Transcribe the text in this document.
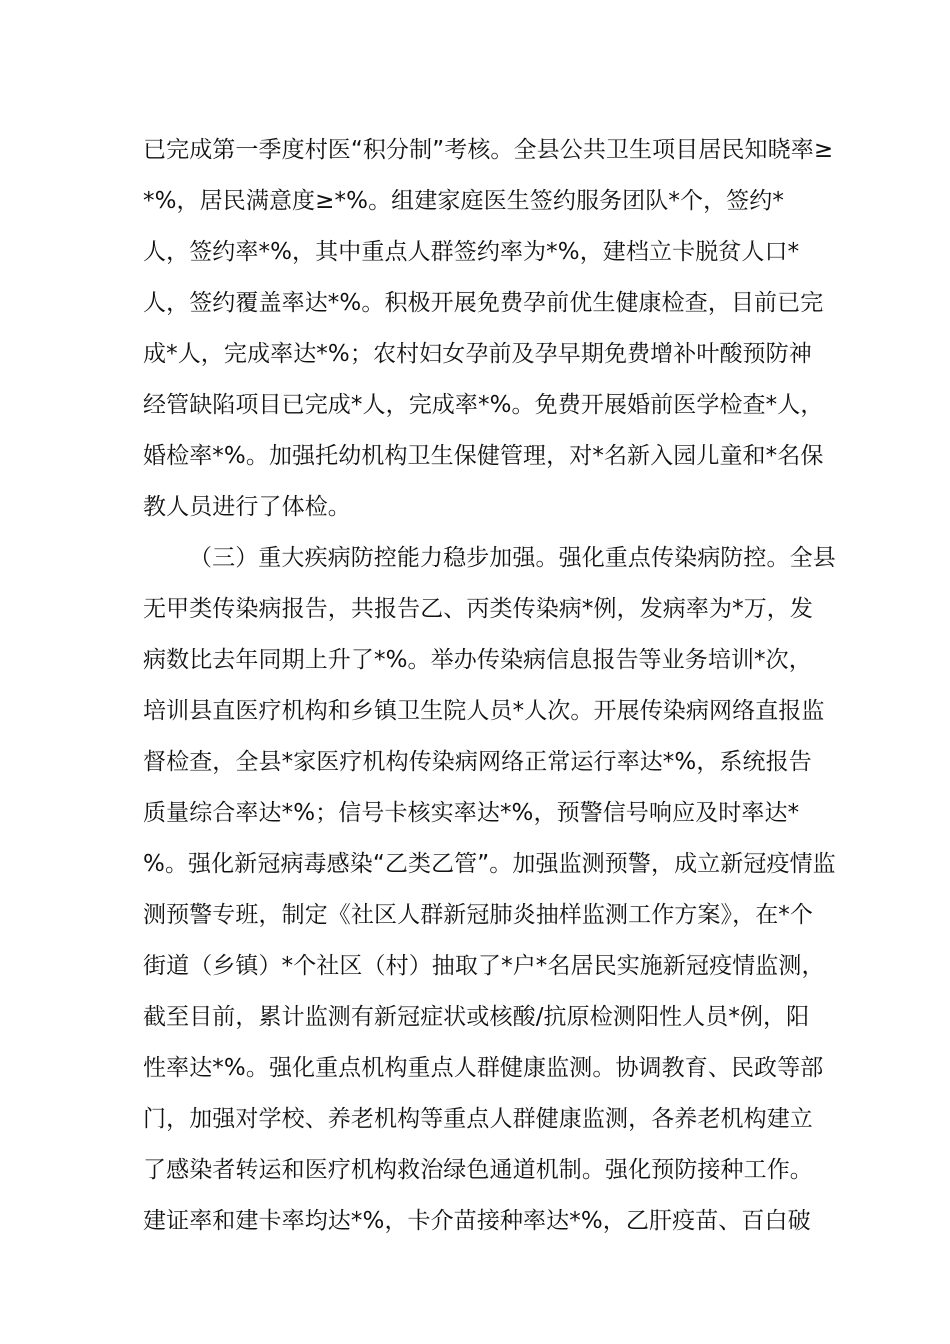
已完成第一季度村医“积分制”考核。全县公共卫生项目居民知晓率≥
*%，居民满意度≥*%。组建家庭医生签约服务团队*个，签约*
人，签约率*%，其中重点人群签约率为*%，建档立卡脱贫人口*
人，签约覆盖率达*%。积极开展免费孕前优生健康检查，目前已完
成*人，完成率达*%；农村妇女孕前及孕早期免费增补叶酸预防神
经管缺陷项目已完成*人，完成率*%。免费开展婚前医学检查*人，
婚检率*%。加强托幼机构卫生保健管理，对*名新入园儿童和*名保
教人员进行了体检。
（三）重大疾病防控能力稳步加强。强化重点传染病防控。全县
无甲类传染病报告，共报告乙、丙类传染病*例，发病率为*万，发
病数比去年同期上升了*%。举办传染病信息报告等业务培训*次，
培训县直医疗机构和乡镇卫生院人员*人次。开展传染病网络直报监
督检查，全县*家医疗机构传染病网络正常运行率达*%，系统报告
质量综合率达*%；信号卡核实率达*%，预警信号响应及时率达*
%。强化新冠病毒感染“乙类乙管”。加强监测预警，成立新冠疫情监
测预警专班，制定《社区人群新冠肺炎抽样监测工作方案》，在*个
街道（乡镇）*个社区（村）抽取了*户*名居民实施新冠疫情监测，
截至目前，累计监测有新冠症状或核酸/抗原检测阳性人员*例，阳
性率达*%。强化重点机构重点人群健康监测。协调教育、民政等部
门，加强对学校、养老机构等重点人群健康监测，各养老机构建立
了感染者转运和医疗机构救治绿色通道机制。强化预防接种工作。
建证率和建卡率均达*%，卡介苗接种率达*%，乙肝疫苗、百白破
